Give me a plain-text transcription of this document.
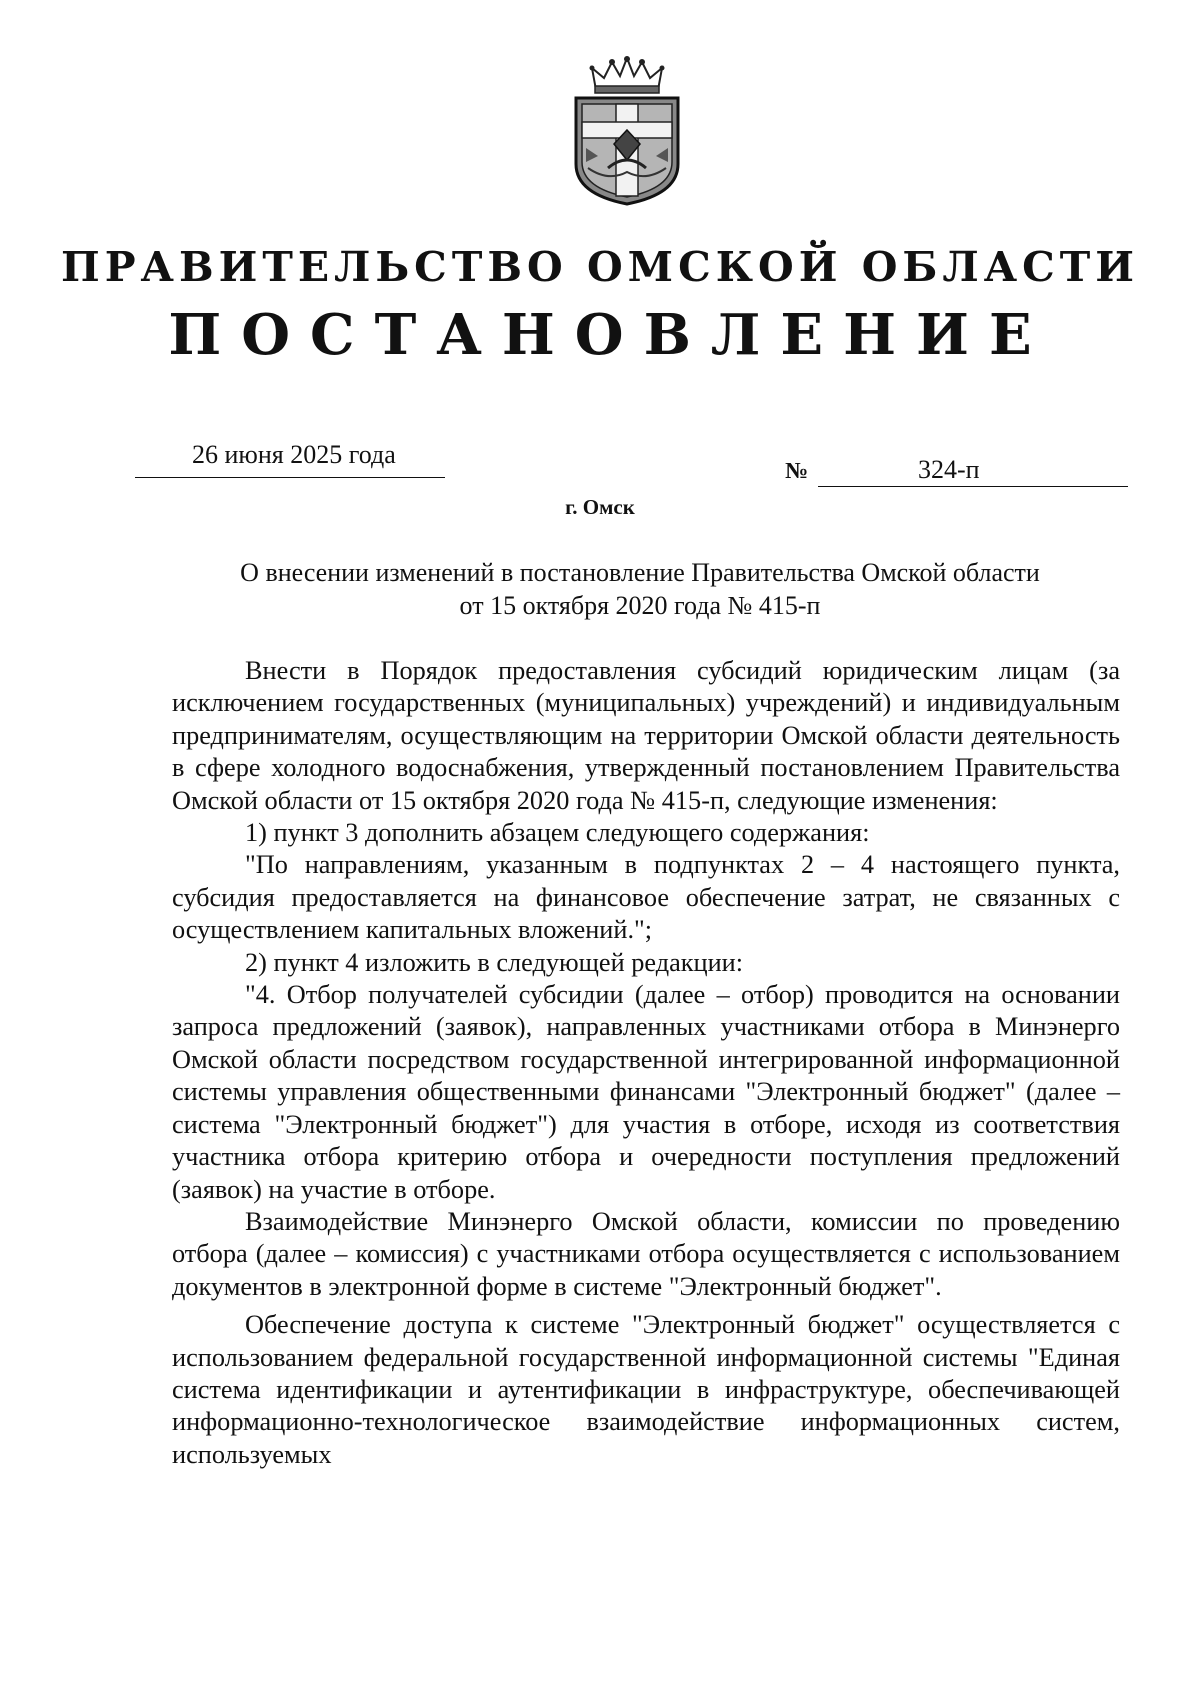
ПРАВИТЕЛЬСТВО ОМСКОЙ ОБЛАСТИ
ПОСТАНОВЛЕНИЕ
26 июня 2025 года
№	324-п
г. Омск
О внесении изменений в постановление Правительства Омской области
от 15 октября 2020 года № 415-п

Внести в Порядок предоставления субсидий юридическим лицам (за исключением государственных (муниципальных) учреждений) и индивидуальным предпринимателям, осуществляющим на территории Омской области деятельность в сфере холодного водоснабжения, утвержденный постановлением Правительства Омской области от 15 октября 2020 года № 415-п, следующие изменения:

1) пункт 3 дополнить абзацем следующего содержания:

"По направлениям, указанным в подпунктах 2 – 4 настоящего пункта, субсидия предоставляется на финансовое обеспечение затрат, не связанных с осуществлением капитальных вложений.";

2) пункт 4 изложить в следующей редакции:

"4. Отбор получателей субсидии (далее – отбор) проводится на основании запроса предложений (заявок), направленных участниками отбора в Минэнерго Омской области посредством государственной интегрированной информационной системы управления общественными финансами "Электронный бюджет" (далее – система "Электронный бюджет") для участия в отборе, исходя из соответствия участника отбора критерию отбора и очередности поступления предложений (заявок) на участие в отборе.

Взаимодействие Минэнерго Омской области, комиссии по проведению отбора (далее – комиссия) с участниками отбора осуществляется с использованием документов в электронной форме в системе "Электронный бюджет".

Обеспечение доступа к системе "Электронный бюджет" осуществляется с использованием федеральной государственной информационной системы "Единая система идентификации и аутентификации в инфраструктуре, обеспечивающей информационно-технологическое взаимодействие информационных систем, используемых
